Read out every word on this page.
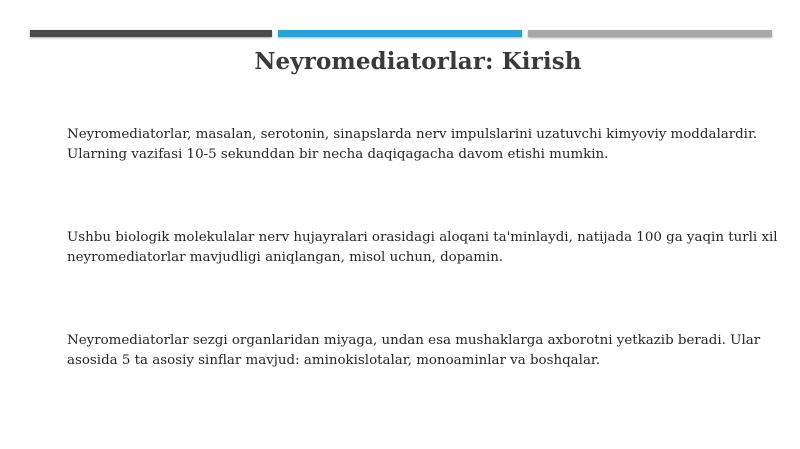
Neyromediatorlar: Kirish

Neyromediatorlar, masalan, serotonin, sinapslarda nerv impulslarini uzatuvchi kimyoviy moddalardir. Ularning vazifasi 10-5 sekunddan bir necha daqiqagacha davom etishi mumkin.

Ushbu biologik molekulalar nerv hujayralari orasidagi aloqani ta'minlaydi, natijada 100 ga yaqin turli xil neyromediatorlar mavjudligi aniqlangan, misol uchun, dopamin.

Neyromediatorlar sezgi organlaridan miyaga, undan esa mushaklarga axborotni yetkazib beradi. Ular asosida 5 ta asosiy sinflar mavjud: aminokislotalar, monoaminlar va boshqalar.
